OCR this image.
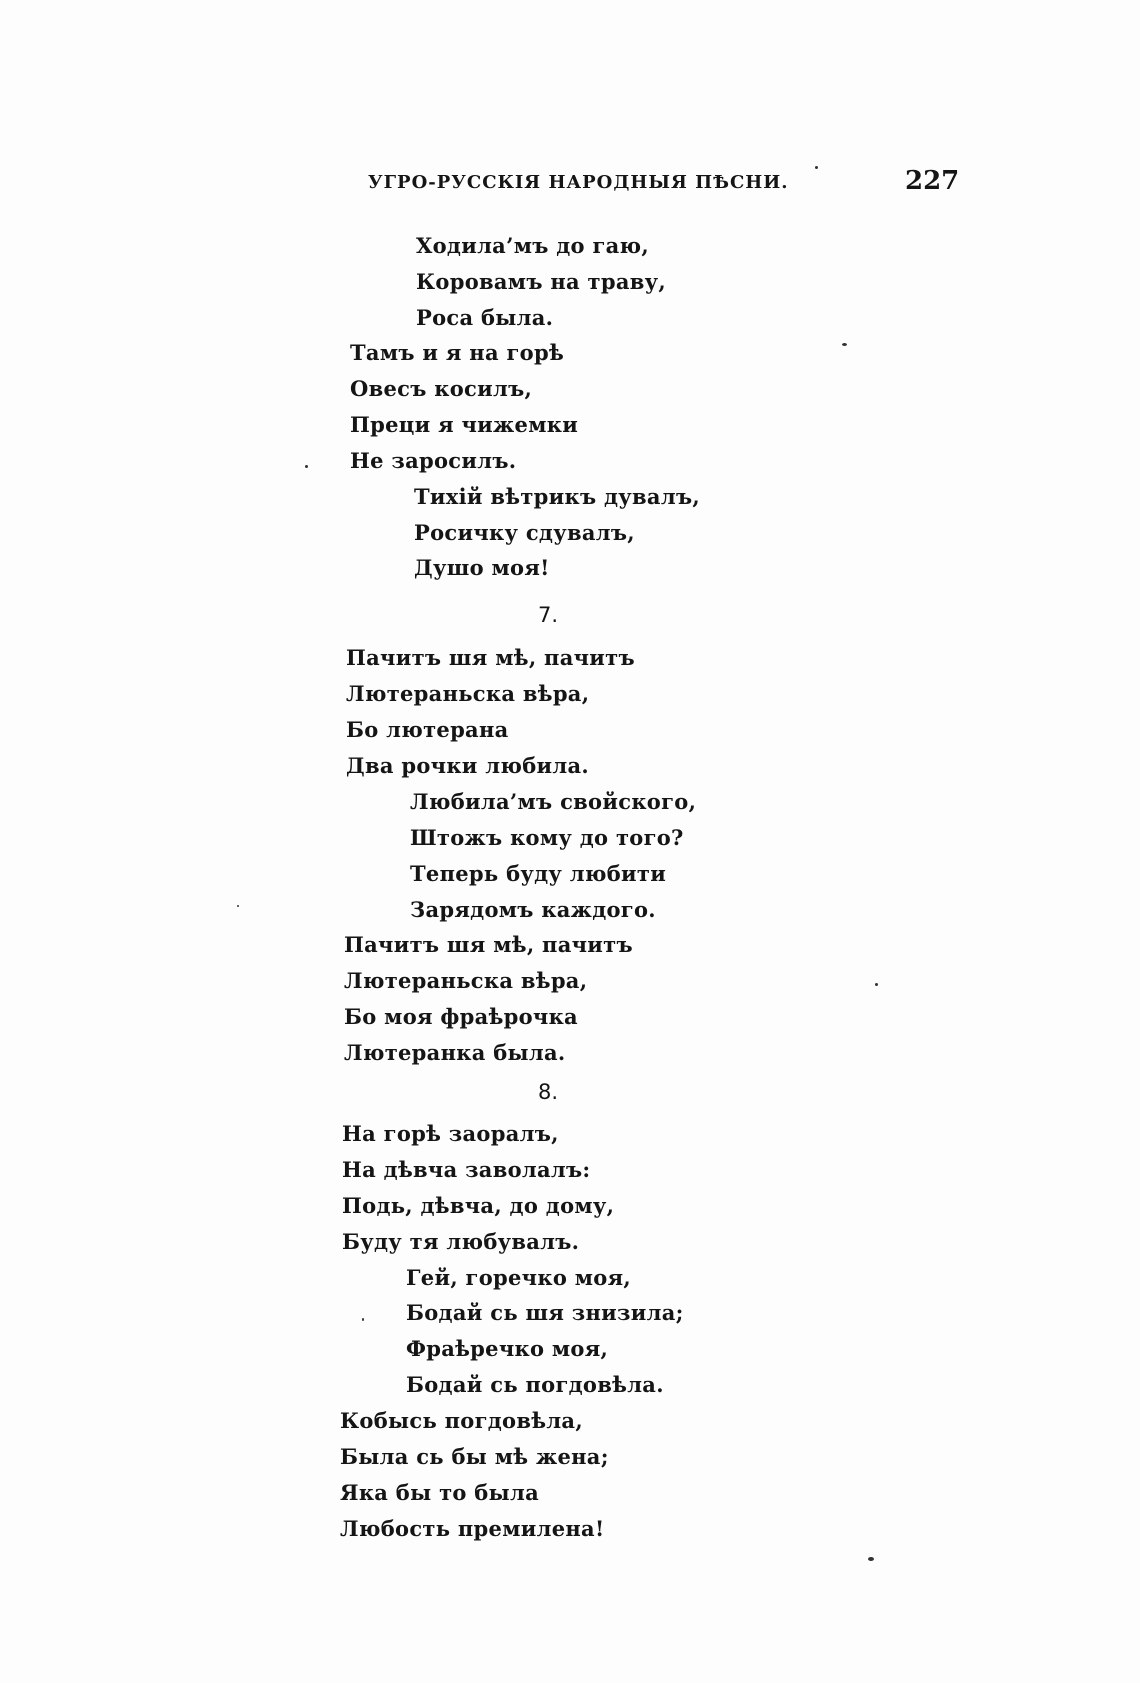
УГРО-РУССКІЯ НАРОДНЫЯ ПѢСНИ.	227
Ходила’мъ до гаю,
Коровамъ на траву,
Роса была.
Тамъ и я на горѣ
Овесъ косилъ,
Преци я чижемки
Не заросилъ.
Тихій вѣтрикъ дувалъ,
Росичку сдувалъ,
Душо моя!
7.
Пачитъ шя мѣ, пачитъ
Лютераньска вѣра,
Бо лютерана
Два рочки любила.
Любила’мъ свойского,
Штожъ кому до того?
Теперь буду любити
Зарядомъ каждого.
Пачитъ шя мѣ, пачитъ
Лютераньска вѣра,
Бо моя фраѣрочка
Лютеранка была.
8.
На горѣ заоралъ,
На дѣвча заволалъ:
Подь, дѣвча, до дому,
Буду тя любувалъ.
Гей, горечко моя,
Бодай сь шя знизила;
Фраѣречко моя,
Бодай сь погдовѣла.
Кобысь погдовѣла,
Была сь бы мѣ жена;
Яка бы то была
Любость премилена!
